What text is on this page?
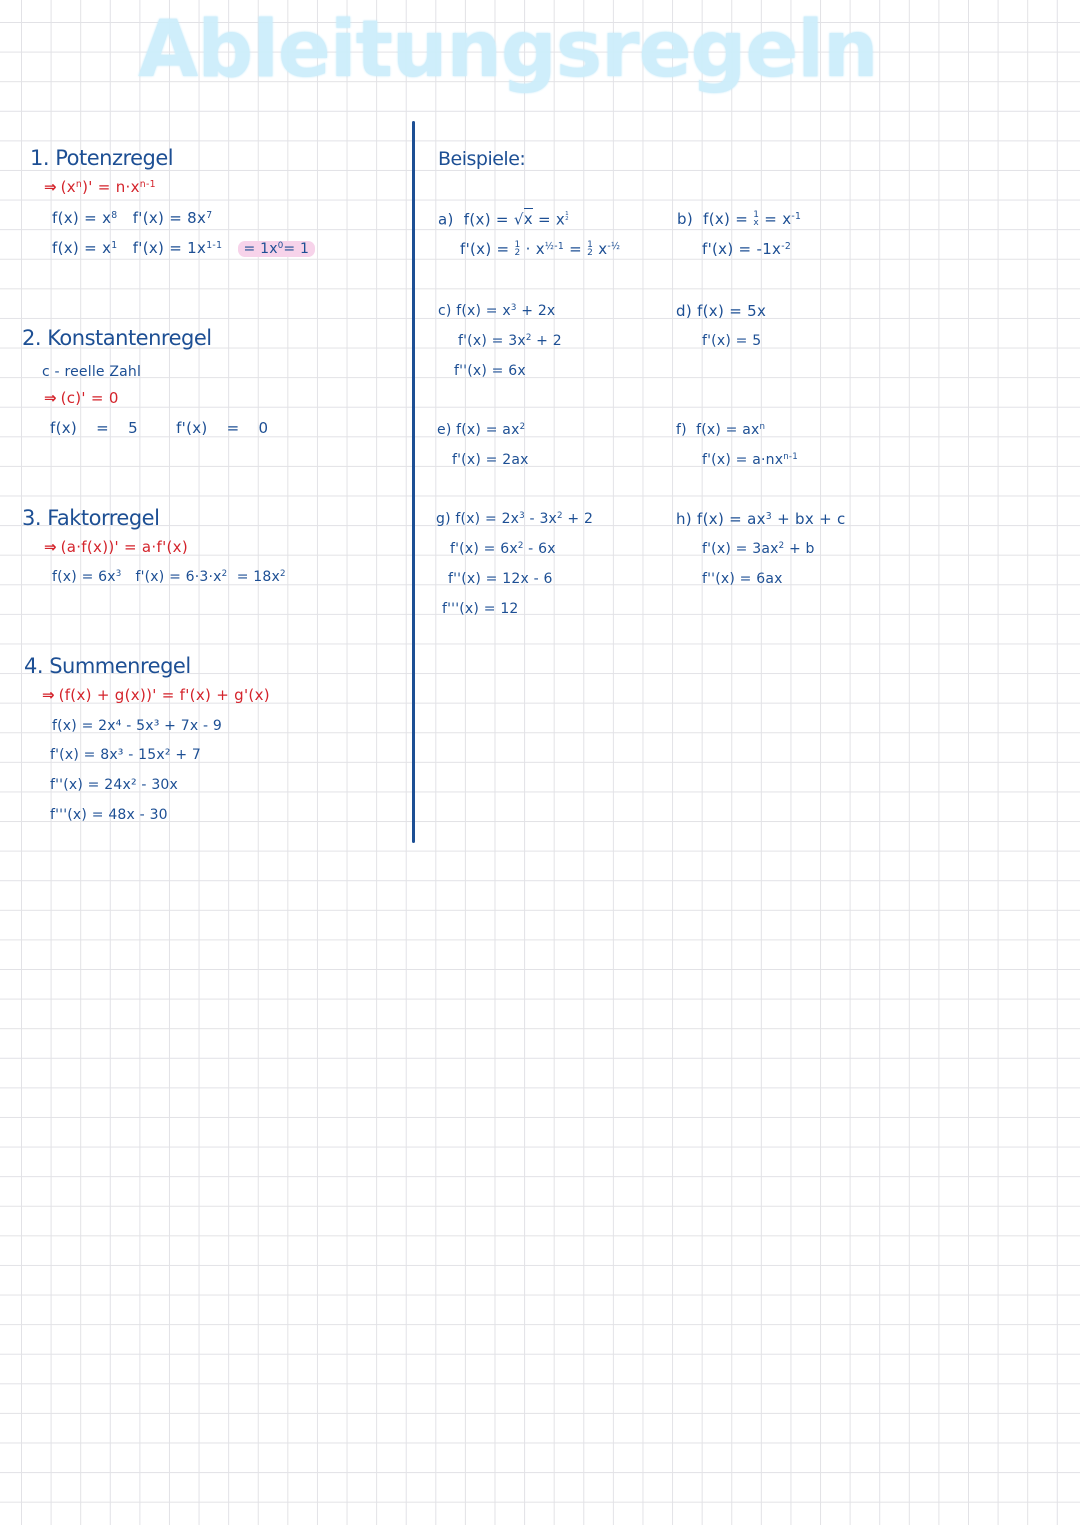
Ableitungsregeln
1. Potenzregel
⇒ $(x^n)' = n\cdot x^{n-1}$
$f(x) = x^8$ $f'(x) = 8x^7$
$f(x) = x^1$ $f'(x) = 1x^{1-1} = 1x^0= 1$
2. Konstantenregel
c - reelle Zahl
⇒ (c)' = 0
f(x) = 5	f'(x) = 0
3. Faktorregel
⇒ (a·f(x))' = a·f'(x)
$f(x) = 6x^3$ $f'(x) = 6\cdot 3\cdot x^2 = 18x^2$
4. Summenregel
⇒ (f(x) + g(x))' = f'(x) + g'(x)
f(x) = 2x⁴ - 5x³ + 7x - 9
f'(x) = 8x³ - 15x² + 7
f''(x) = 24x² - 30x
f'''(x) = 48x - 30
Beispiele:
a)  f(x) = √x = x $^{1 2}$
f'(x) = 1
$2 \cdot x^{\frac{1}{2}-1} = 1$
2 $x^{-\frac{1}{2}}$
b)  f(x) = 1
$x = x^{-1}$
$f'(x) = -1x^{-2}$
c) $f(x) = x^3 + 2x$
$f'(x) = 3x^2 + 2$
f''(x) = 6x
d) f(x) = 5x
f'(x) = 5
e) $f(x) = ax^2$
f'(x) = 2ax
f)  $f(x) = ax^n$
$f'(x) = a\cdot nx^{n-1}$
g) $f(x) = 2x^3 - 3x^2 + 2$
$f'(x) = 6x^2 - 6x$
f''(x) = 12x - 6
f'''(x) = 12
h) $f(x) = ax^3$ + bx + c
$f'(x) = 3ax^2 + b$
f''(x) = 6ax
